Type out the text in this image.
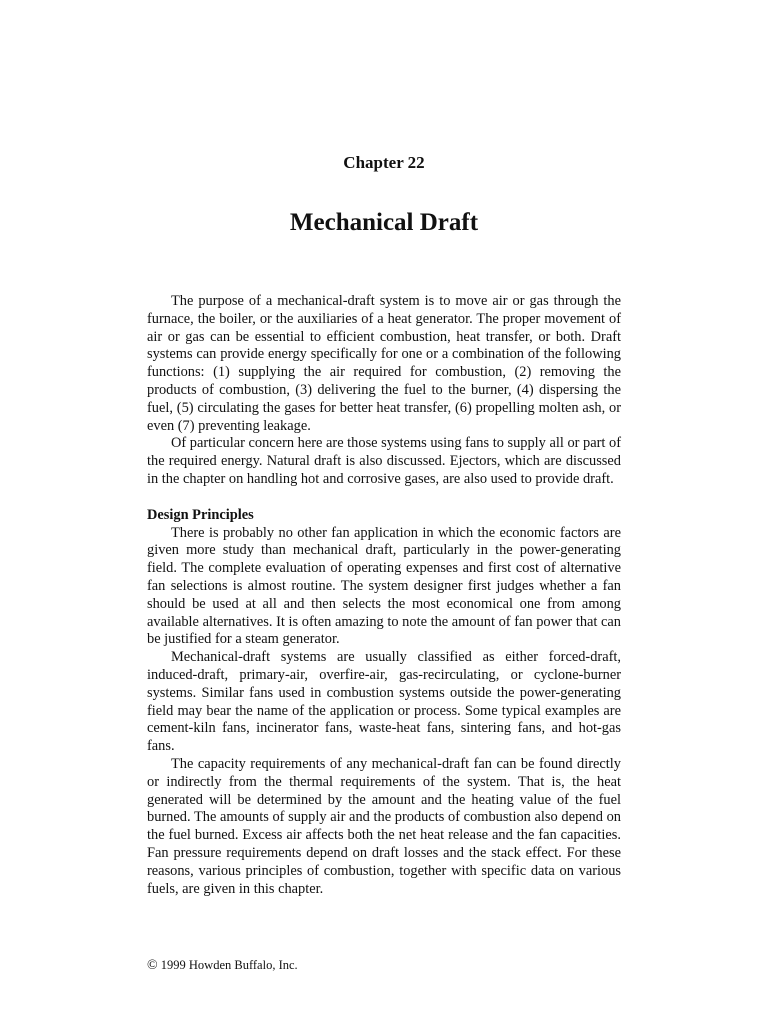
Chapter 22
Mechanical Draft

The purpose of a mechanical-draft system is to move air or gas through the furnace, the boiler, or the auxiliaries of a heat generator. The proper movement of air or gas can be essential to efficient combustion, heat transfer, or both. Draft systems can provide energy specifically for one or a combination of the following functions: (1) supplying the air required for combustion, (2) removing the products of combustion, (3) delivering the fuel to the burner, (4) dispersing the fuel, (5) circulating the gases for better heat transfer, (6) propelling molten ash, or even (7) preventing leakage.

Of particular concern here are those systems using fans to supply all or part of the required energy. Natural draft is also discussed. Ejectors, which are discussed in the chapter on handling hot and corrosive gases, are also used to provide draft.

Design Principles

There is probably no other fan application in which the economic factors are given more study than mechanical draft, particularly in the power-generating field. The complete evaluation of operating expenses and first cost of alternative fan selections is almost routine. The system designer first judges whether a fan should be used at all and then selects the most economical one from among available alternatives. It is often amazing to note the amount of fan power that can be justified for a steam generator.

Mechanical-draft systems are usually classified as either forced-draft, induced-draft, primary-air, overfire-air, gas-recirculating, or cyclone-burner systems. Similar fans used in combustion systems outside the power-generating field may bear the name of the application or process. Some typical examples are cement-kiln fans, incinerator fans, waste-heat fans, sintering fans, and hot-gas fans.

The capacity requirements of any mechanical-draft fan can be found directly or indirectly from the thermal requirements of the system. That is, the heat generated will be determined by the amount and the heating value of the fuel burned. The amounts of supply air and the products of combustion also depend on the fuel burned. Excess air affects both the net heat release and the fan capacities. Fan pressure requirements depend on draft losses and the stack effect. For these reasons, various principles of combustion, together with specific data on various fuels, are given in this chapter.

© 1999 Howden Buffalo, Inc.
